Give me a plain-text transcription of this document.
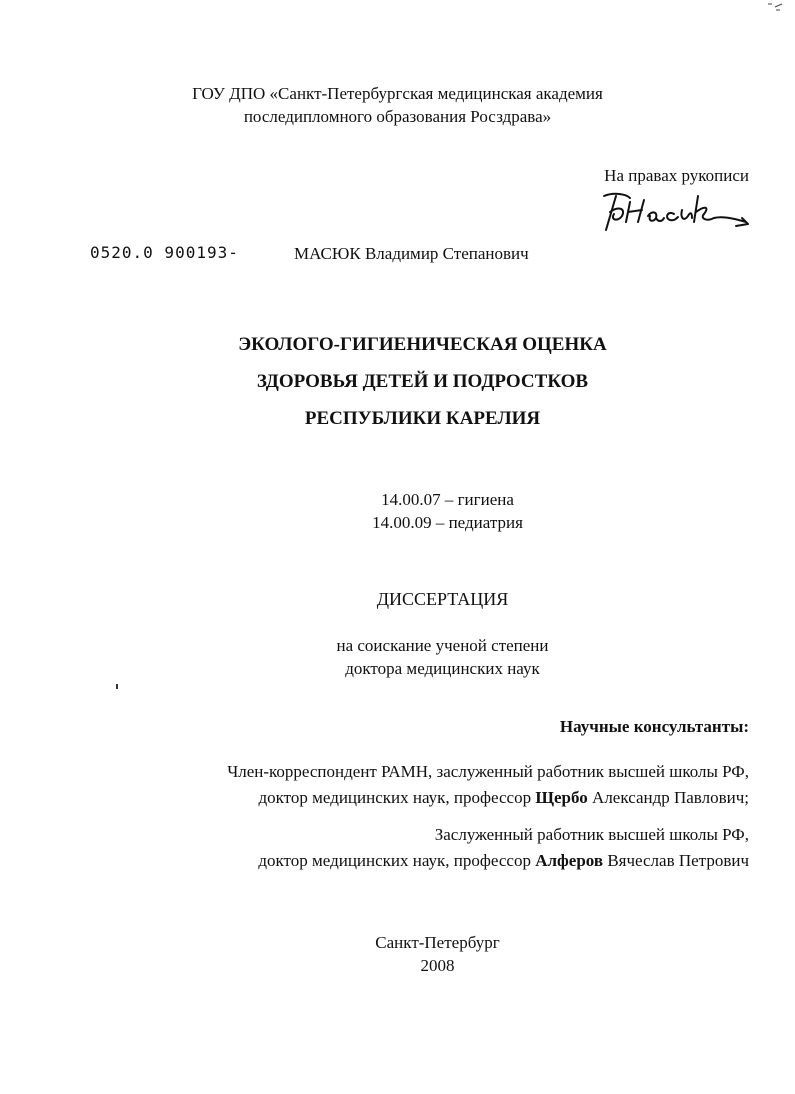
ГОУ ДПО «Санкт-Петербургская медицинская академия
последипломного образования Росздрава»
На правах рукописи
0520.0 900193-	МАСЮК Владимир Степанович
ЭКОЛОГО-ГИГИЕНИЧЕСКАЯ ОЦЕНКА
ЗДОРОВЬЯ ДЕТЕЙ И ПОДРОСТКОВ
РЕСПУБЛИКИ КАРЕЛИЯ
14.00.07 – гигиена
14.00.09 – педиатрия
ДИССЕРТАЦИЯ
на соискание ученой степени
доктора медицинских наук
Научные консультанты:
Член-корреспондент РАМН, заслуженный работник высшей школы РФ,
доктор медицинских наук, профессор Щербо Александр Павлович;
Заслуженный работник высшей школы РФ,
доктор медицинских наук, профессор Алферов Вячеслав Петрович
Санкт-Петербург
2008
